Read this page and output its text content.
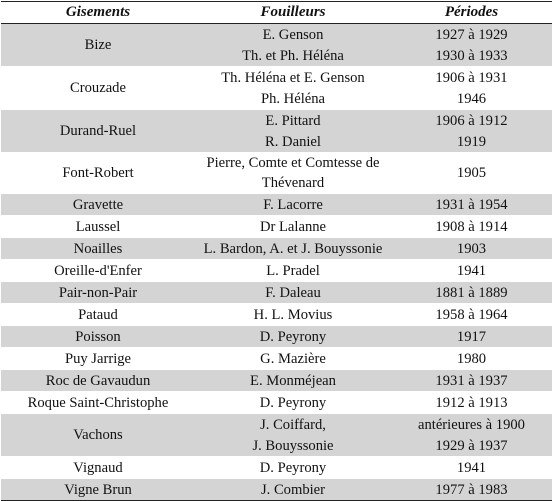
Gisements	Fouilleurs	Périodes
Bize	E. Genson	1927 à 1929
	Th. et Ph. Héléna	1930 à 1933
Crouzade	Th. Héléna et E. Genson	1906 à 1931
	Ph. Héléna	1946
Durand-Ruel	E. Pittard	1906 à 1912
	R. Daniel	1919
Font-Robert	Pierre, Comte et Comtesse de Thévenard	1905
Gravette	F. Lacorre	1931 à 1954
Laussel	Dr Lalanne	1908 à 1914
Noailles	L. Bardon, A. et J. Bouyssonie	1903
Oreille-d'Enfer	L. Pradel	1941
Pair-non-Pair	F. Daleau	1881 à 1889
Pataud	H. L. Movius	1958 à 1964
Poisson	D. Peyrony	1917
Puy Jarrige	G. Mazière	1980
Roc de Gavaudun	E. Monméjean	1931 à 1937
Roque Saint-Christophe	D. Peyrony	1912 à 1913
Vachons	J. Coiffard,	antérieures à 1900
	J. Bouyssonie	1929 à 1937
Vignaud	D. Peyrony	1941
Vigne Brun	J. Combier	1977 à 1983
